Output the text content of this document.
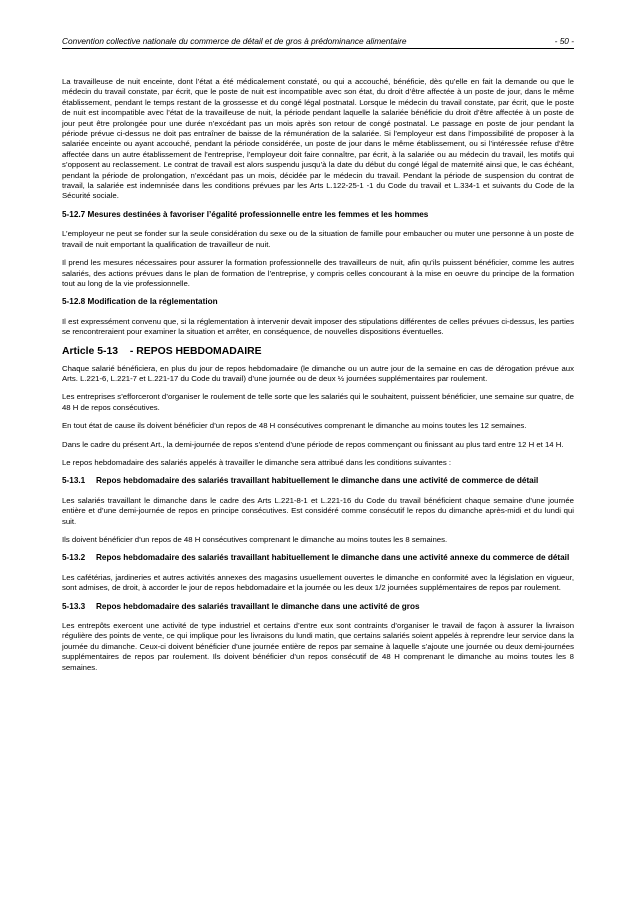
Convention collective nationale du commerce de détail et de gros à prédominance alimentaire	- 50 -

La travailleuse de nuit enceinte, dont l’état a été médicalement constaté, ou qui a accouché, bénéficie, dès qu’elle en fait la demande ou que le médecin du travail constate, par écrit, que le poste de nuit est incompatible avec son état, du droit d’être affectée à un poste de jour, dans le même établissement, pendant le temps restant de la grossesse et du congé légal postnatal. Lorsque le médecin du travail constate, par écrit, que le poste de nuit est incompatible avec l’état de la travailleuse de nuit, la période pendant laquelle la salariée bénéficie du droit d’être affectée à un poste de jour peut être prolongée pour une durée n’excédant pas un mois après son retour de congé postnatal. Le passage en poste de jour pendant la période prévue ci-dessus ne doit pas entraîner de baisse de la rémunération de la salariée. Si l’employeur est dans l’impossibilité de proposer à la salariée enceinte ou ayant accouché, pendant la période considérée, un poste de jour dans le même établissement, ou si l’intéressée refuse d’être affectée dans un autre établissement de l’entreprise, l’employeur doit faire connaître, par écrit, à la salariée ou au médecin du travail, les motifs qui s’opposent au reclassement. Le contrat de travail est alors suspendu jusqu’à la date du début du congé légal de maternité ainsi que, le cas échéant, pendant la période de prolongation, n’excédant pas un mois, décidée par le médecin du travail. Pendant la période de suspension du contrat de travail, la salariée est indemnisée dans les conditions prévues par les Arts L.122-25-1 -1 du Code du travail et L.334-1 et suivants du Code de la Sécurité sociale.

5-12.7 Mesures destinées à favoriser l’égalité professionnelle entre les femmes et les hommes

L’employeur ne peut se fonder sur la seule considération du sexe ou de la situation de famille pour embaucher ou muter une personne à un poste de travail de nuit emportant la qualification de travailleur de nuit.

Il prend les mesures nécessaires pour assurer la formation professionnelle des travailleurs de nuit, afin qu’ils puissent bénéficier, comme les autres salariés, des actions prévues dans le plan de formation de l’entreprise, y compris celles concourant à la mise en oeuvre du principe de la formation tout au long de la vie professionnelle.

5-12.8 Modification de la réglementation

Il est expressément convenu que, si la réglementation à intervenir devait imposer des stipulations différentes de celles prévues ci-dessus, les parties se rencontreraient pour examiner la situation et arrêter, en conséquence, de nouvelles dispositions éventuelles.

Article 5-13 - REPOS HEBDOMADAIRE

Chaque salarié bénéficiera, en plus du jour de repos hebdomadaire (le dimanche ou un autre jour de la semaine en cas de dérogation prévue aux Arts. L.221-6, L.221-7 et L.221-17 du Code du travail) d’une journée ou de deux ½ journées supplémentaires par roulement.

Les entreprises s’efforceront d’organiser le roulement de telle sorte que les salariés qui le souhaitent, puissent bénéficier, une semaine sur quatre, de 48 H de repos consécutives.

En tout état de cause ils doivent bénéficier d’un repos de 48 H consécutives comprenant le dimanche au moins toutes les 12 semaines.

Dans le cadre du présent Art., la demi-journée de repos s’entend d’une période de repos commençant ou finissant au plus tard entre 12 H et 14 H.

Le repos hebdomadaire des salariés appelés à travailler le dimanche sera attribué dans les conditions suivantes :

5-13.1	Repos hebdomadaire des salariés travaillant habituellement le dimanche dans une activité de commerce de détail

Les salariés travaillant le dimanche dans le cadre des Arts L.221-8-1 et L.221-16 du Code du travail bénéficient chaque semaine d’une journée entière et d’une demi-journée de repos en principe consécutives. Est considéré comme consécutif le repos du dimanche après-midi et du lundi qui suit.

Ils doivent bénéficier d’un repos de 48 H consécutives comprenant le dimanche au moins toutes les 8 semaines.

5-13.2	Repos hebdomadaire des salariés travaillant habituellement le dimanche dans une activité annexe du commerce de détail

Les cafétérias, jardineries et autres activités annexes des magasins usuellement ouvertes le dimanche en conformité avec la législation en vigueur, sont admises, de droit, à accorder le jour de repos hebdomadaire et la journée ou les deux 1/2 journées supplémentaires de repos par roulement.

5-13.3	Repos hebdomadaire des salariés travaillant le dimanche dans une activité de gros

Les entrepôts exercent une activité de type industriel et certains d’entre eux sont contraints d’organiser le travail de façon à assurer la livraison régulière des points de vente, ce qui implique pour les livraisons du lundi matin, que certains salariés soient appelés à reprendre leur service dans la journée du dimanche. Ceux-ci doivent bénéficier d’une journée entière de repos par semaine à laquelle s’ajoute une journée ou deux demi-journées supplémentaires de repos par roulement. Ils doivent bénéficier d’un repos consécutif de 48 H comprenant le dimanche au moins toutes les 8 semaines.
